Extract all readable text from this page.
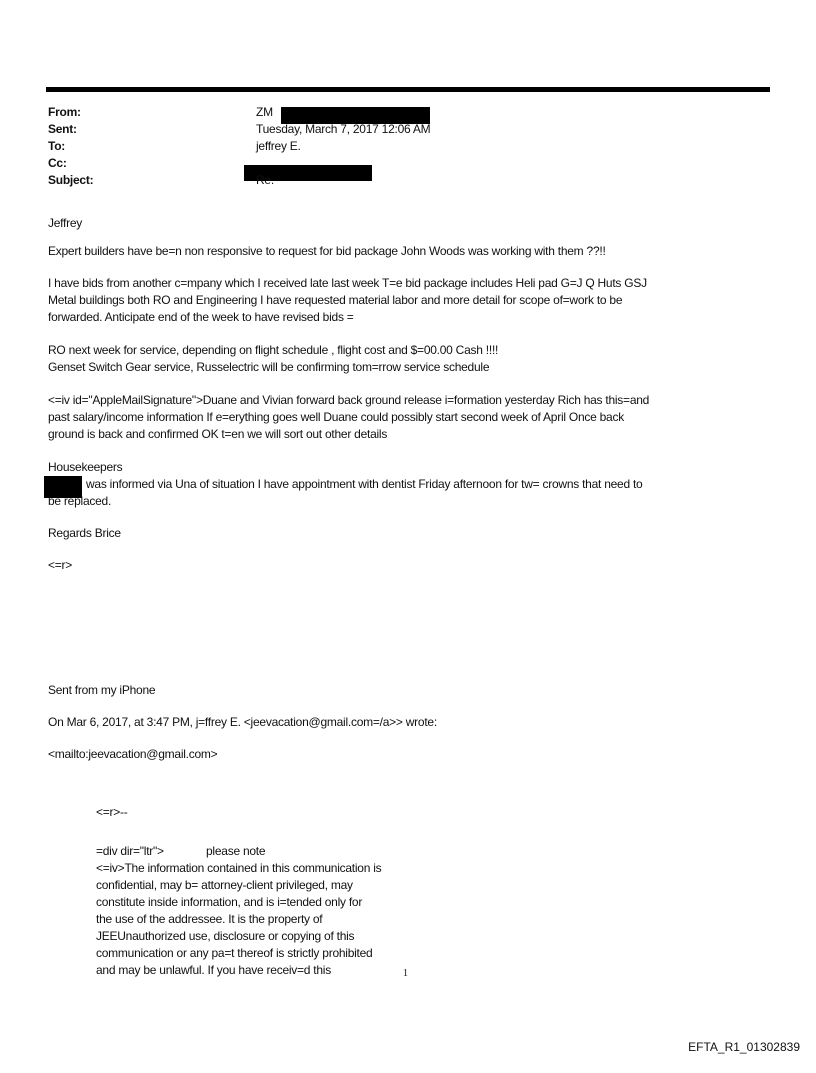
From:	ZM
Sent:	Tuesday, March 7, 2017 12:06 AM
To:	jeffrey E.
Cc:
Subject:	Re:
Jeffrey
Expert builders have be=n non responsive to request for bid package John Woods was working with them ??!!
I have bids from another c=mpany which I received late last week T=e bid package includes Heli pad G=J Q Huts GSJ
Metal buildings both RO and Engineering I have requested material labor and more detail for scope of=work to be
forwarded. Anticipate end of the week to have revised bids =
RO next week for service, depending on flight schedule , flight cost and $=00.00 Cash !!!!
Genset Switch Gear service, Russelectric will be confirming tom=rrow service schedule
<=iv id="AppleMailSignature">Duane and Vivian forward back ground release i=formation yesterday Rich has this=and
past salary/income information If e=erything goes well Duane could possibly start second week of April Once back
ground is back and confirmed OK t=en we will sort out other details
Housekeepers
was informed via Una of situation I have appointment with dentist Friday afternoon for tw= crowns that need to
be replaced.
Regards Brice
<=r>
Sent from my iPhone
On Mar 6, 2017, at 3:47 PM, j=ffrey E. <jeevacation@gmail.com=/a>> wrote:
<mailto:jeevacation@gmail.com>
<=r>--
=div dir="ltr">	please note
<=iv>The information contained in this communication is
confidential, may b= attorney-client privileged, may
constitute inside information, and is i=tended only for
the use of the addressee. It is the property of
JEEUnauthorized use, disclosure or copying of this
communication or any pa=t thereof is strictly prohibited
and may be unlawful. If you have receiv=d this	1
EFTA_R1_01302839
